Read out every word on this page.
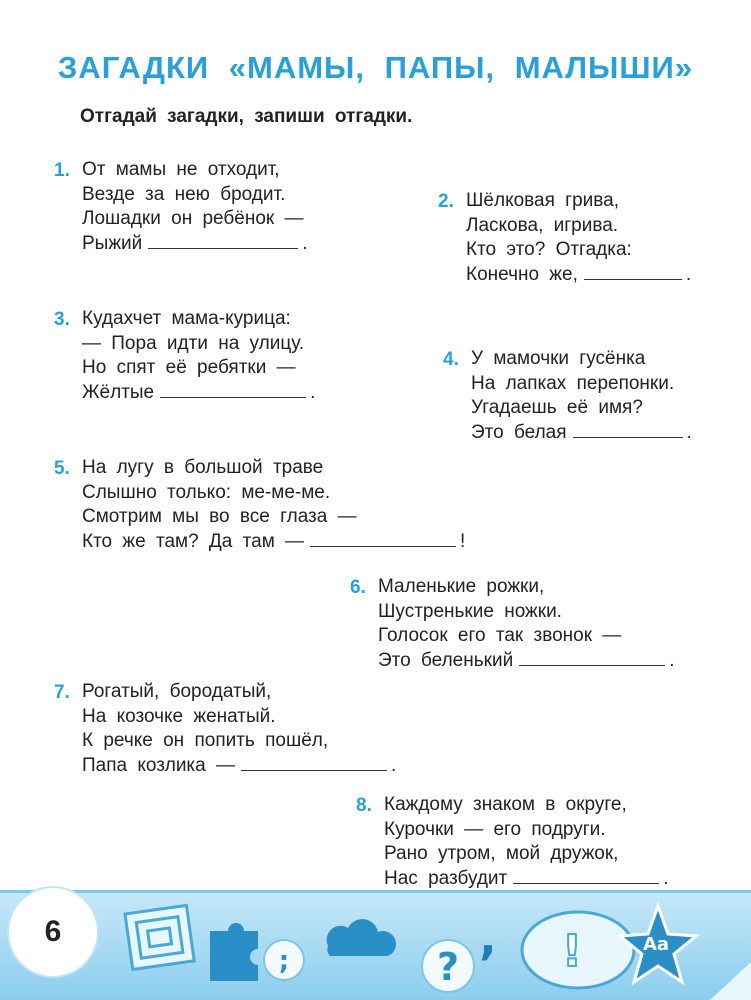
ЗАГАДКИ «МАМЫ, ПАПЫ, МАЛЫШИ»
Отгадай загадки, запиши отгадки.
1. От мамы не отходит,
Везде за нею бродит.
Лошадки он ребёнок —
Рыжий	.
2. Шёлковая грива,
Ласкова, игрива.
Кто это? Отгадка:
Конечно же,	.
3. Кудахчет мама-курица:
— Пора идти на улицу.
Но спят её ребятки —
Жёлтые	.
4. У мамочки гусёнка
На лапках перепонки.
Угадаешь её имя?
Это белая	.
5. На лугу в большой траве
Слышно только: ме-ме-ме.
Смотрим мы во все глаза —
Кто же там? Да там —	!
6. Маленькие рожки,
Шустренькие ножки.
Голосок его так звонок —
Это беленький	.
7. Рогатый, бородатый,
На козочке женатый.
К речке он попить пошёл,
Папа козлика —	.
8. Каждому знаком в округе,
Курочки — его подруги.
Рано утром, мой дружок,
Нас разбудит	.
;	,
? !	Aa
6
